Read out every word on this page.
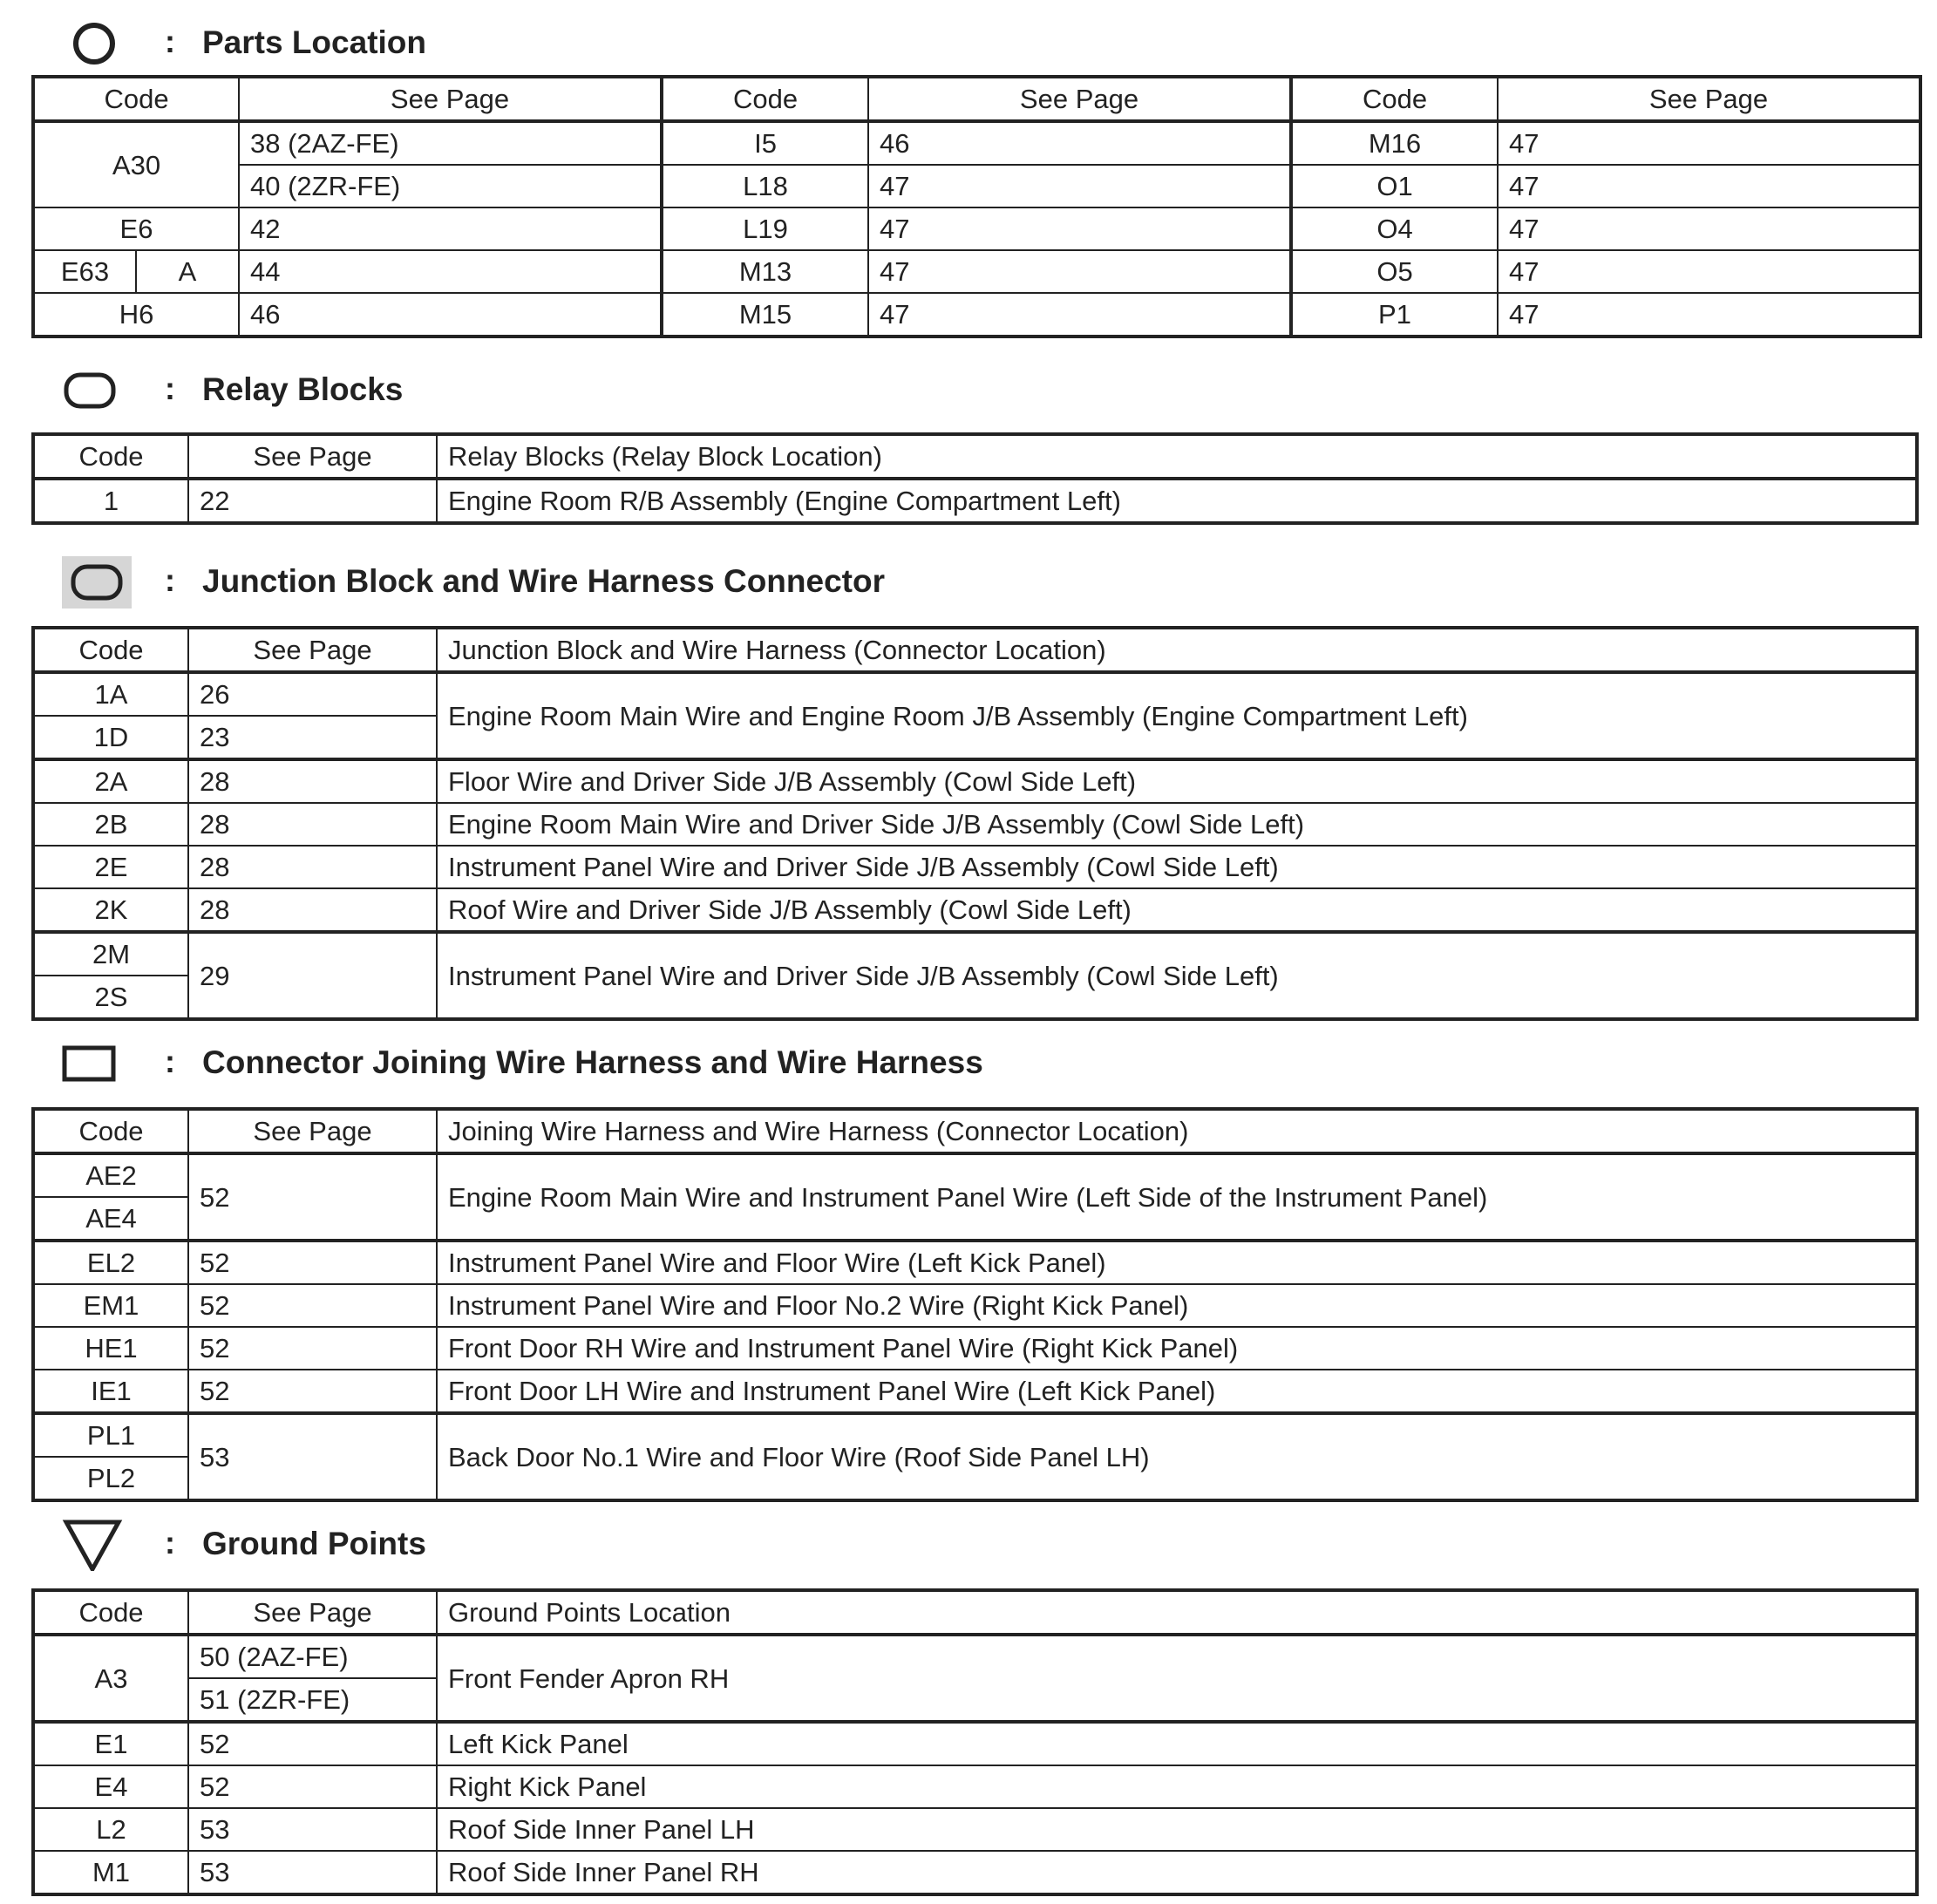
: Parts Location
Code		See Page	Code	See Page	Code	See Page
A30		38 (2AZ-FE)	I5	46	M16	47
		40 (2ZR-FE)	L18	47	O1	47
E6		42	L19	47	O4	47
E63	A	44	M13	47	O5	47
H6		46	M15	47	P1	47
: Relay Blocks
Code	See Page	Relay Blocks (Relay Block Location)
1	22	Engine Room R/B Assembly (Engine Compartment Left)
: Junction Block and Wire Harness Connector
Code	See Page	Junction Block and Wire Harness (Connector Location)
1A	26	Engine Room Main Wire and Engine Room J/B Assembly (Engine Compartment Left)
1D	23	
2A	28	Floor Wire and Driver Side J/B Assembly (Cowl Side Left)
2B	28	Engine Room Main Wire and Driver Side J/B Assembly (Cowl Side Left)
2E	28	Instrument Panel Wire and Driver Side J/B Assembly (Cowl Side Left)
2K	28	Roof Wire and Driver Side J/B Assembly (Cowl Side Left)
2M	29	Instrument Panel Wire and Driver Side J/B Assembly (Cowl Side Left)
2S		
: Connector Joining Wire Harness and Wire Harness
Code	See Page	Joining Wire Harness and Wire Harness (Connector Location)
AE2	52	Engine Room Main Wire and Instrument Panel Wire (Left Side of the Instrument Panel)
AE4		
EL2	52	Instrument Panel Wire and Floor Wire (Left Kick Panel)
EM1	52	Instrument Panel Wire and Floor No.2 Wire (Right Kick Panel)
HE1	52	Front Door RH Wire and Instrument Panel Wire (Right Kick Panel)
IE1	52	Front Door LH Wire and Instrument Panel Wire (Left Kick Panel)
PL1	53	Back Door No.1 Wire and Floor Wire (Roof Side Panel LH)
PL2		
: Ground Points
Code	See Page	Ground Points Location
A3	50 (2AZ-FE)	Front Fender Apron RH
	51 (2ZR-FE)	
E1	52	Left Kick Panel
E4	52	Right Kick Panel
L2	53	Roof Side Inner Panel LH
M1	53	Roof Side Inner Panel RH
